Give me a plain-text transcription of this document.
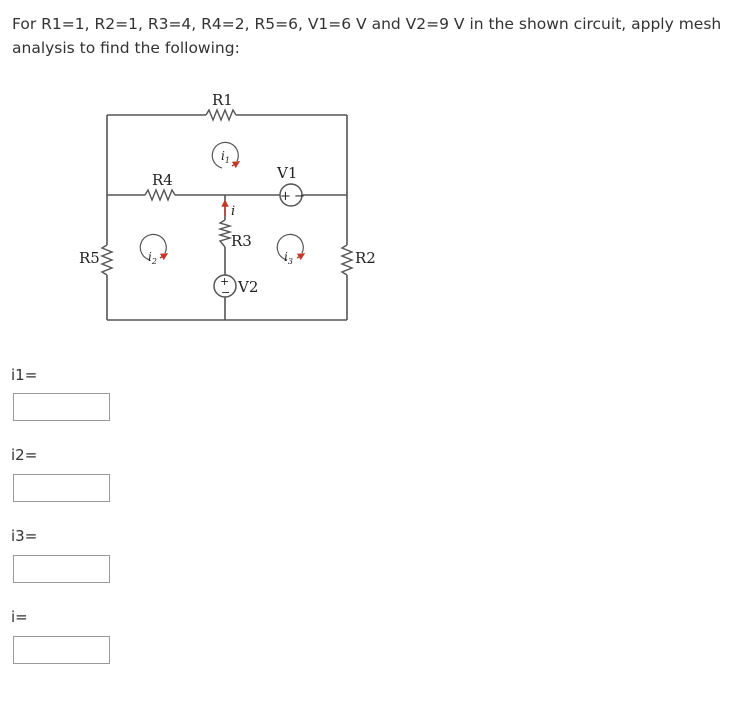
For R1=1, R2=1, R3=4, R4=2, R5=6, V1=6 V and V2=9 V in the shown circuit, apply mesh analysis to find the following:

R1
R4
R5	R2
R3
+ −
V1
+
− V2
i
$i_1$
$i_2$	$i_3$
i1=
i2=
i3=
i=
